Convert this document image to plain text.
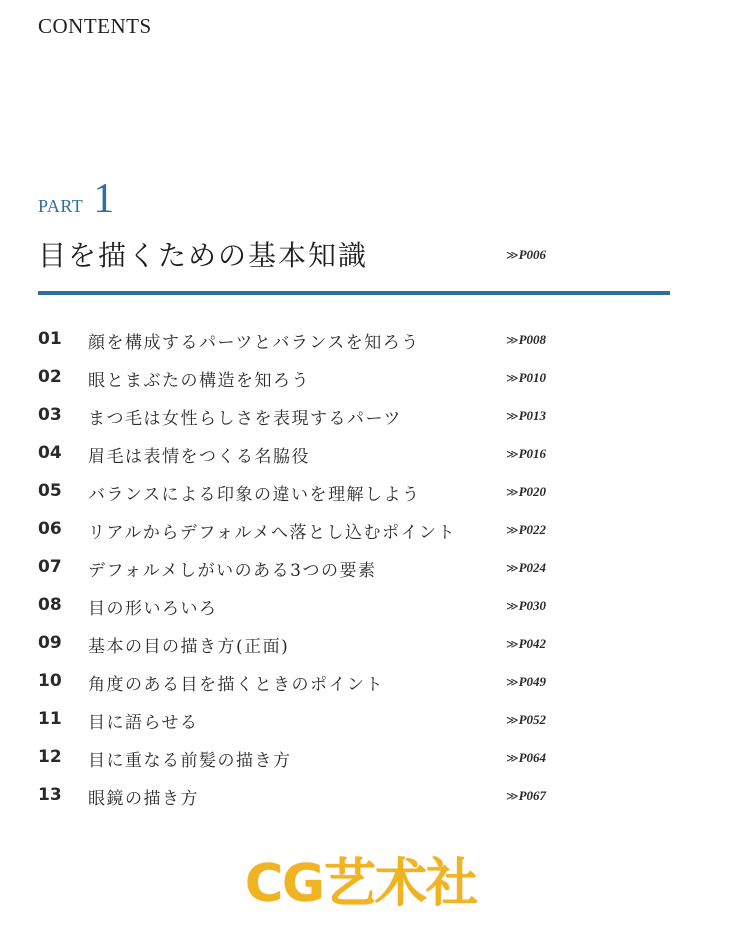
CONTENTS
PART 1
目を描くための基本知識	≫ P006
01 顔を構成するパーツとバランスを知ろう	≫ P008
02 眼とまぶたの構造を知ろう	≫ P010
03 まつ毛は女性らしさを表現するパーツ	≫ P013
04 眉毛は表情をつくる名脇役	≫ P016
05 バランスによる印象の違いを理解しよう	≫ P020
06 リアルからデフォルメへ落とし込むポイント	≫ P022
07 デフォルメしがいのある3つの要素	≫ P024
08 目の形いろいろ	≫ P030
09 基本の目の描き方(正面)	≫ P042
10 角度のある目を描くときのポイント	≫ P049
11 目に語らせる	≫ P052
12 目に重なる前髪の描き方	≫ P064
13 眼鏡の描き方	≫ P067
CG艺术社
